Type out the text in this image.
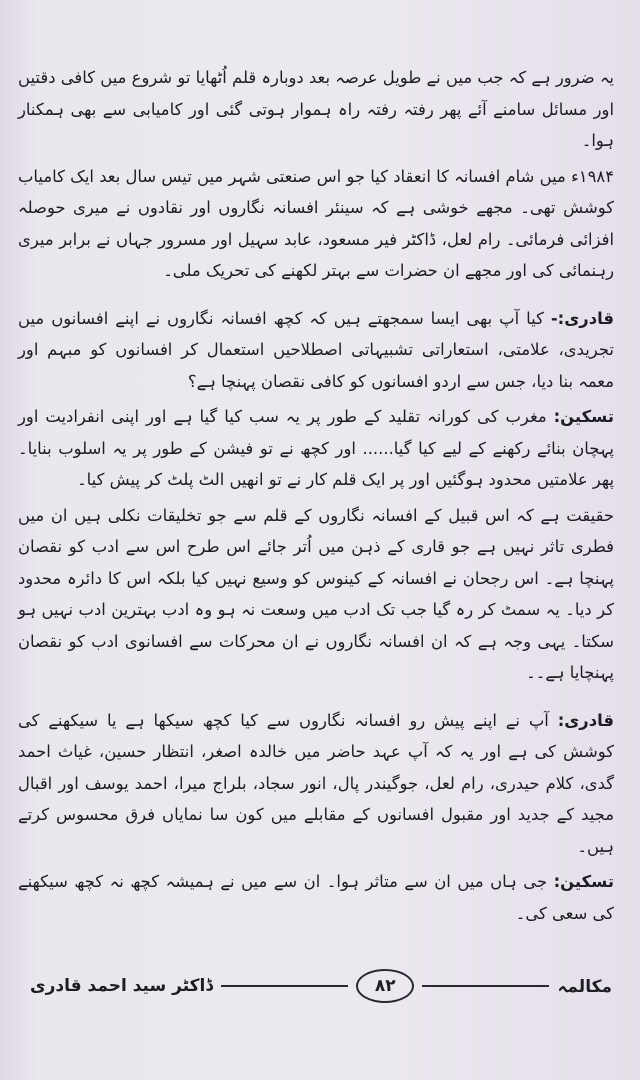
یہ ضرور ہے کہ جب میں نے طویل عرصہ بعد دوبارہ قلم اُٹھایا تو شروع میں کافی دقتیں اور مسائل سامنے آئے پھر رفتہ رفتہ راہ ہموار ہوتی گئی اور کامیابی سے بھی ہمکنار ہوا۔

۱۹۸۴ء میں شام افسانہ کا انعقاد کیا جو اس صنعتی شہر میں تیس سال بعد ایک کامیاب کوشش تھی۔ مجھے خوشی ہے کہ سینئر افسانہ نگاروں اور نقادوں نے میری حوصلہ افزائی فرمائی۔ رام لعل، ڈاکٹر فیر مسعود، عابد سہیل اور مسرور جہاں نے برابر میری رہنمائی کی اور مجھے ان حضرات سے بہتر لکھنے کی تحریک ملی۔

قادری:- کیا آپ بھی ایسا سمجھتے ہیں کہ کچھ افسانہ نگاروں نے اپنے افسانوں میں تجریدی، علامتی، استعاراتی تشبیہاتی اصطلاحیں استعمال کر افسانوں کو مبہم اور معمہ بنا دیا، جس سے اردو افسانوں کو کافی نقصان پہنچا ہے؟

تسکین: مغرب کی کورانہ تقلید کے طور پر یہ سب کیا گیا ہے اور اپنی انفرادیت اور پہچان بنائے رکھنے کے لیے کیا گیا...... اور کچھ نے تو فیشن کے طور پر یہ اسلوب بنایا۔ پھر علامتیں محدود ہوگئیں اور پر ایک قلم کار نے تو انھیں الٹ پلٹ کر پیش کیا۔

حقیقت ہے کہ اس قبیل کے افسانہ نگاروں کے قلم سے جو تخلیقات نکلی ہیں ان میں فطری تاثر نہیں ہے جو قاری کے ذہن میں اُتر جائے اس طرح اس سے ادب کو نقصان پہنچا ہے۔ اس رجحان نے افسانہ کے کینوس کو وسیع نہیں کیا بلکہ اس کا دائرہ محدود کر دیا۔ یہ سمٹ کر رہ گیا جب تک ادب میں وسعت نہ ہو وہ ادب بہترین ادب نہیں ہو سکتا۔ یہی وجہ ہے کہ ان افسانہ نگاروں نے ان محرکات سے افسانوی ادب کو نقصان پہنچایا ہے۔۔

قادری: آپ نے اپنے پیش رو افسانہ نگاروں سے کیا کچھ سیکھا ہے یا سیکھنے کی کوشش کی ہے اور یہ کہ آپ عہد حاضر میں خالدہ اصغر، انتظار حسین، غیاث احمد گدی، کلام حیدری، رام لعل، جوگیندر پال، انور سجاد، بلراج میرا، احمد یوسف اور اقبال مجید کے جدید اور مقبول افسانوں کے مقابلے میں کون سا نمایاں فرق محسوس کرتے ہیں۔

تسکین: جی ہاں میں ان سے متاثر ہوا۔ ان سے میں نے ہمیشہ کچھ نہ کچھ سیکھنے کی سعی کی۔

مکالمہ
۸۲
ڈاکٹر سید احمد قادری
